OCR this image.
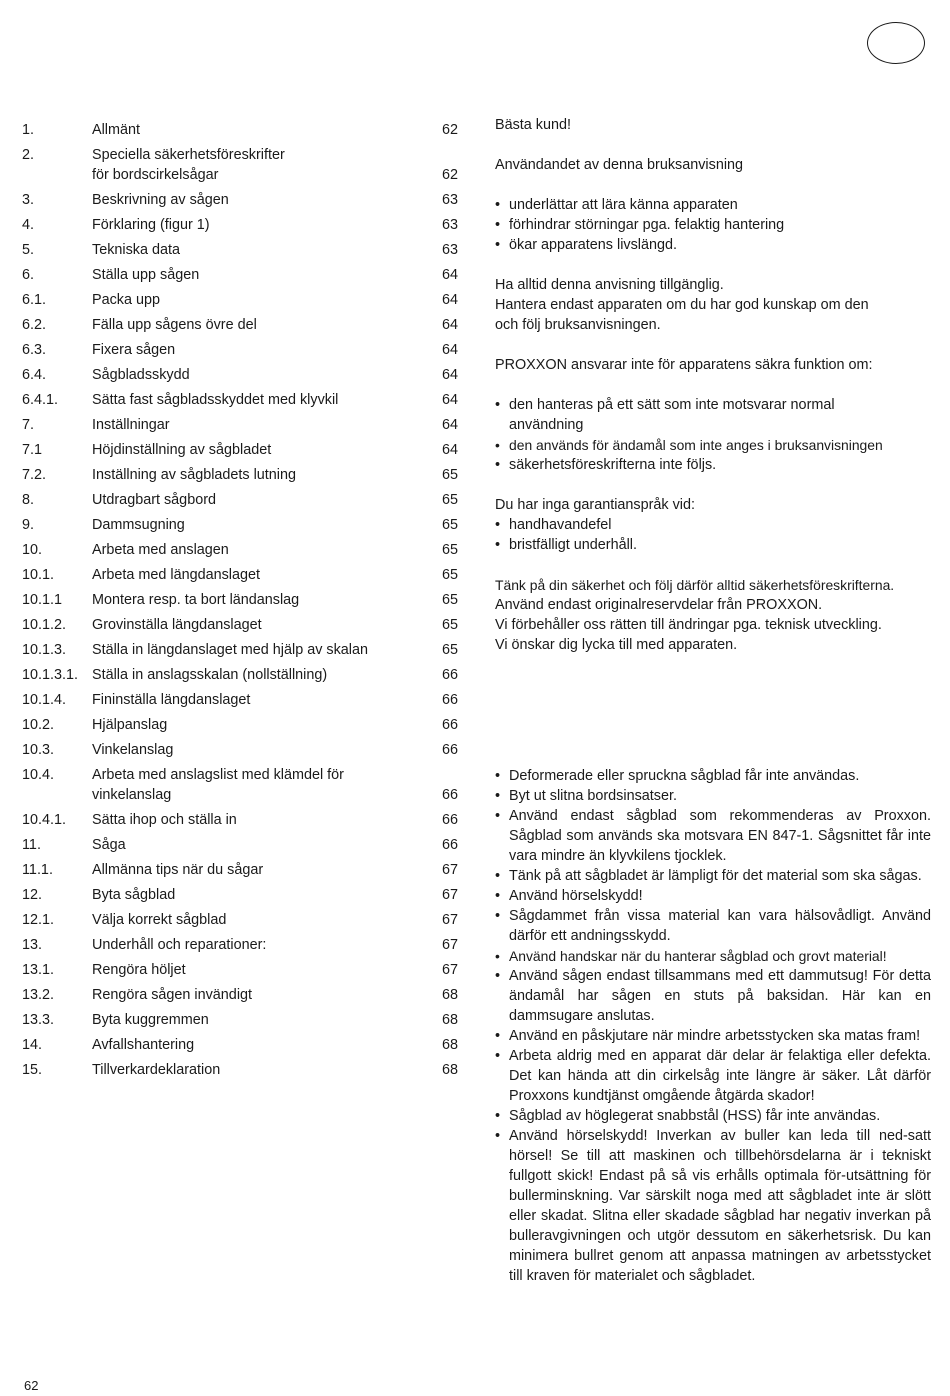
1.	Allmänt	62
2.	Speciella säkerhetsföreskrifter
för bordscirkelsågar	62
3.	Beskrivning av sågen	63
4.	Förklaring (figur 1)	63
5.	Tekniska data	63
6.	Ställa upp sågen	64
6.1.	Packa upp	64
6.2.	Fälla upp sågens övre del	64
6.3.	Fixera sågen	64
6.4.	Sågbladsskydd	64
6.4.1.	Sätta fast sågbladsskyddet med klyvkil	64
7.	Inställningar	64
7.1	Höjdinställning av sågbladet	64
7.2.	Inställning av sågbladets lutning	65
8.	Utdragbart sågbord	65
9.	Dammsugning	65
10.	Arbeta med anslagen	65
10.1.	Arbeta med längdanslaget	65
10.1.1	Montera resp. ta bort ländanslag	65
10.1.2.	Grovinställa längdanslaget	65
10.1.3.	Ställa in längdanslaget med hjälp av skalan	65
10.1.3.1. Ställa in anslagsskalan (nollställning)	66
10.1.4.	Fininställa längdanslaget	66
10.2.	Hjälpanslag	66
10.3.	Vinkelanslag	66
10.4.	Arbeta med anslagslist med klämdel för
vinkelanslag	66
10.4.1.	Sätta ihop och ställa in	66
11.	Såga	66
11.1.	Allmänna tips när du sågar	67
12.	Byta sågblad	67
12.1.	Välja korrekt sågblad	67
13.	Underhåll och reparationer:	67
13.1.	Rengöra höljet	67
13.2.	Rengöra sågen invändigt	68
13.3.	Byta kuggremmen	68
14.	Avfallshantering	68
15.	Tillverkardeklaration	68

Bästa kund!

Användandet av denna bruksanvisning

• underlättar att lära känna apparaten
• förhindrar störningar pga. felaktig hantering
• ökar apparatens livslängd.

Ha alltid denna anvisning tillgänglig.

Hantera endast apparaten om du har god kunskap om den

och följ bruksanvisningen.

PROXXON ansvarar inte för apparatens säkra funktion om:

• den hanteras på ett sätt som inte motsvarar normal användning
• den används för ändamål som inte anges i bruksanvisningen
• säkerhetsföreskrifterna inte följs.

Du har inga garantianspråk vid:

• handhavandefel
• bristfälligt underhåll.

Tänk på din säkerhet och följ därför alltid säkerhetsföreskrifterna.

Använd endast originalreservdelar från PROXXON.

Vi förbehåller oss rätten till ändringar pga. teknisk utveckling.

Vi önskar dig lycka till med apparaten.

• Deformerade eller spruckna sågblad får inte användas.
• Byt ut slitna bordsinsatser.
• Använd endast sågblad som rekommenderas av Proxxon. Sågblad som används ska motsvara EN 847-1. Sågsnittet får inte vara mindre än klyvkilens tjocklek.
• Tänk på att sågbladet är lämpligt för det material som ska sågas.
• Använd hörselskydd!
• Sågdammet från vissa material kan vara hälsovådligt. Använd därför ett andningsskydd.
• Använd handskar när du hanterar sågblad och grovt material!
• Använd sågen endast tillsammans med ett dammutsug! För detta ändamål har sågen en stuts på baksidan. Här kan en dammsugare anslutas.
• Använd en påskjutare när mindre arbetsstycken ska matas fram!
• Arbeta aldrig med en apparat där delar är felaktiga eller defekta. Det kan hända att din cirkelsåg inte längre är säker. Låt därför Proxxons kundtjänst omgående åtgärda skador!
• Sågblad av höglegerat snabbstål (HSS) får inte användas.
• Använd hörselskydd! Inverkan av buller kan leda till ned-satt hörsel! Se till att maskinen och tillbehörsdelarna är i tekniskt fullgott skick! Endast på så vis erhålls optimala för-utsättning för bullerminskning. Var särskilt noga med att sågbladet inte är slött eller skadat. Slitna eller skadade sågblad har negativ inverkan på bulleravgivningen och utgör dessutom en säkerhetsrisk. Du kan minimera bullret genom att anpassa matningen av arbetsstycket till kraven för materialet och sågbladet.
62
